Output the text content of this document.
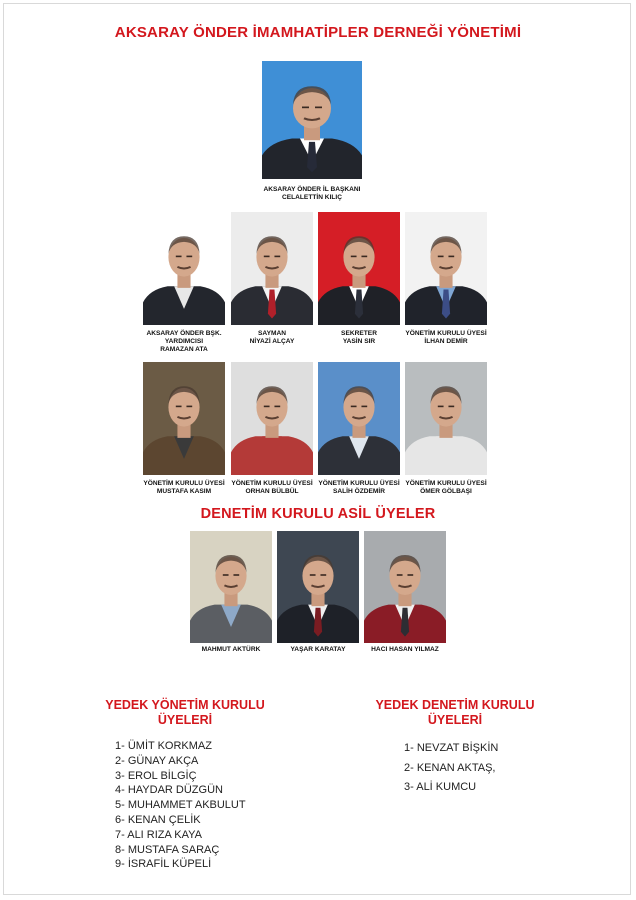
AKSARAY ÖNDER İMAMHATİPLER DERNEĞİ YÖNETİMİ
AKSARAY ÖNDER İL BAŞKANI
CELALETTİN KILIÇ
AKSARAY ÖNDER BŞK.
YARDIMCISI
RAMAZAN ATA
SAYMAN
NİYAZİ ALÇAY
SEKRETER
YASİN SIR
YÖNETİM KURULU ÜYESİ
İLHAN DEMİR
YÖNETİM KURULU ÜYESİ
MUSTAFA KASIM
YÖNETİM KURULU ÜYESİ
ORHAN BÜLBÜL
YÖNETİM KURULU ÜYESİ
SALİH ÖZDEMİR
YÖNETİM KURULU ÜYESİ
ÖMER GÖLBAŞI
DENETİM KURULU ASİL ÜYELER
MAHMUT AKTÜRK	YAŞAR KARATAY	HACI HASAN YILMAZ
YEDEK YÖNETİM KURULU
ÜYELERİ
1- ÜMİT KORKMAZ
2- GÜNAY AKÇA
3- EROL BİLGİÇ
4- HAYDAR DÜZGÜN
5- MUHAMMET AKBULUT
6- KENAN ÇELİK
7- ALI RIZA KAYA
8- MUSTAFA SARAÇ
9- İSRAFİL KÜPELİ
YEDEK DENETİM KURULU
ÜYELERİ
1- NEVZAT BİŞKİN
2- KENAN AKTAŞ,
3- ALİ KUMCU
